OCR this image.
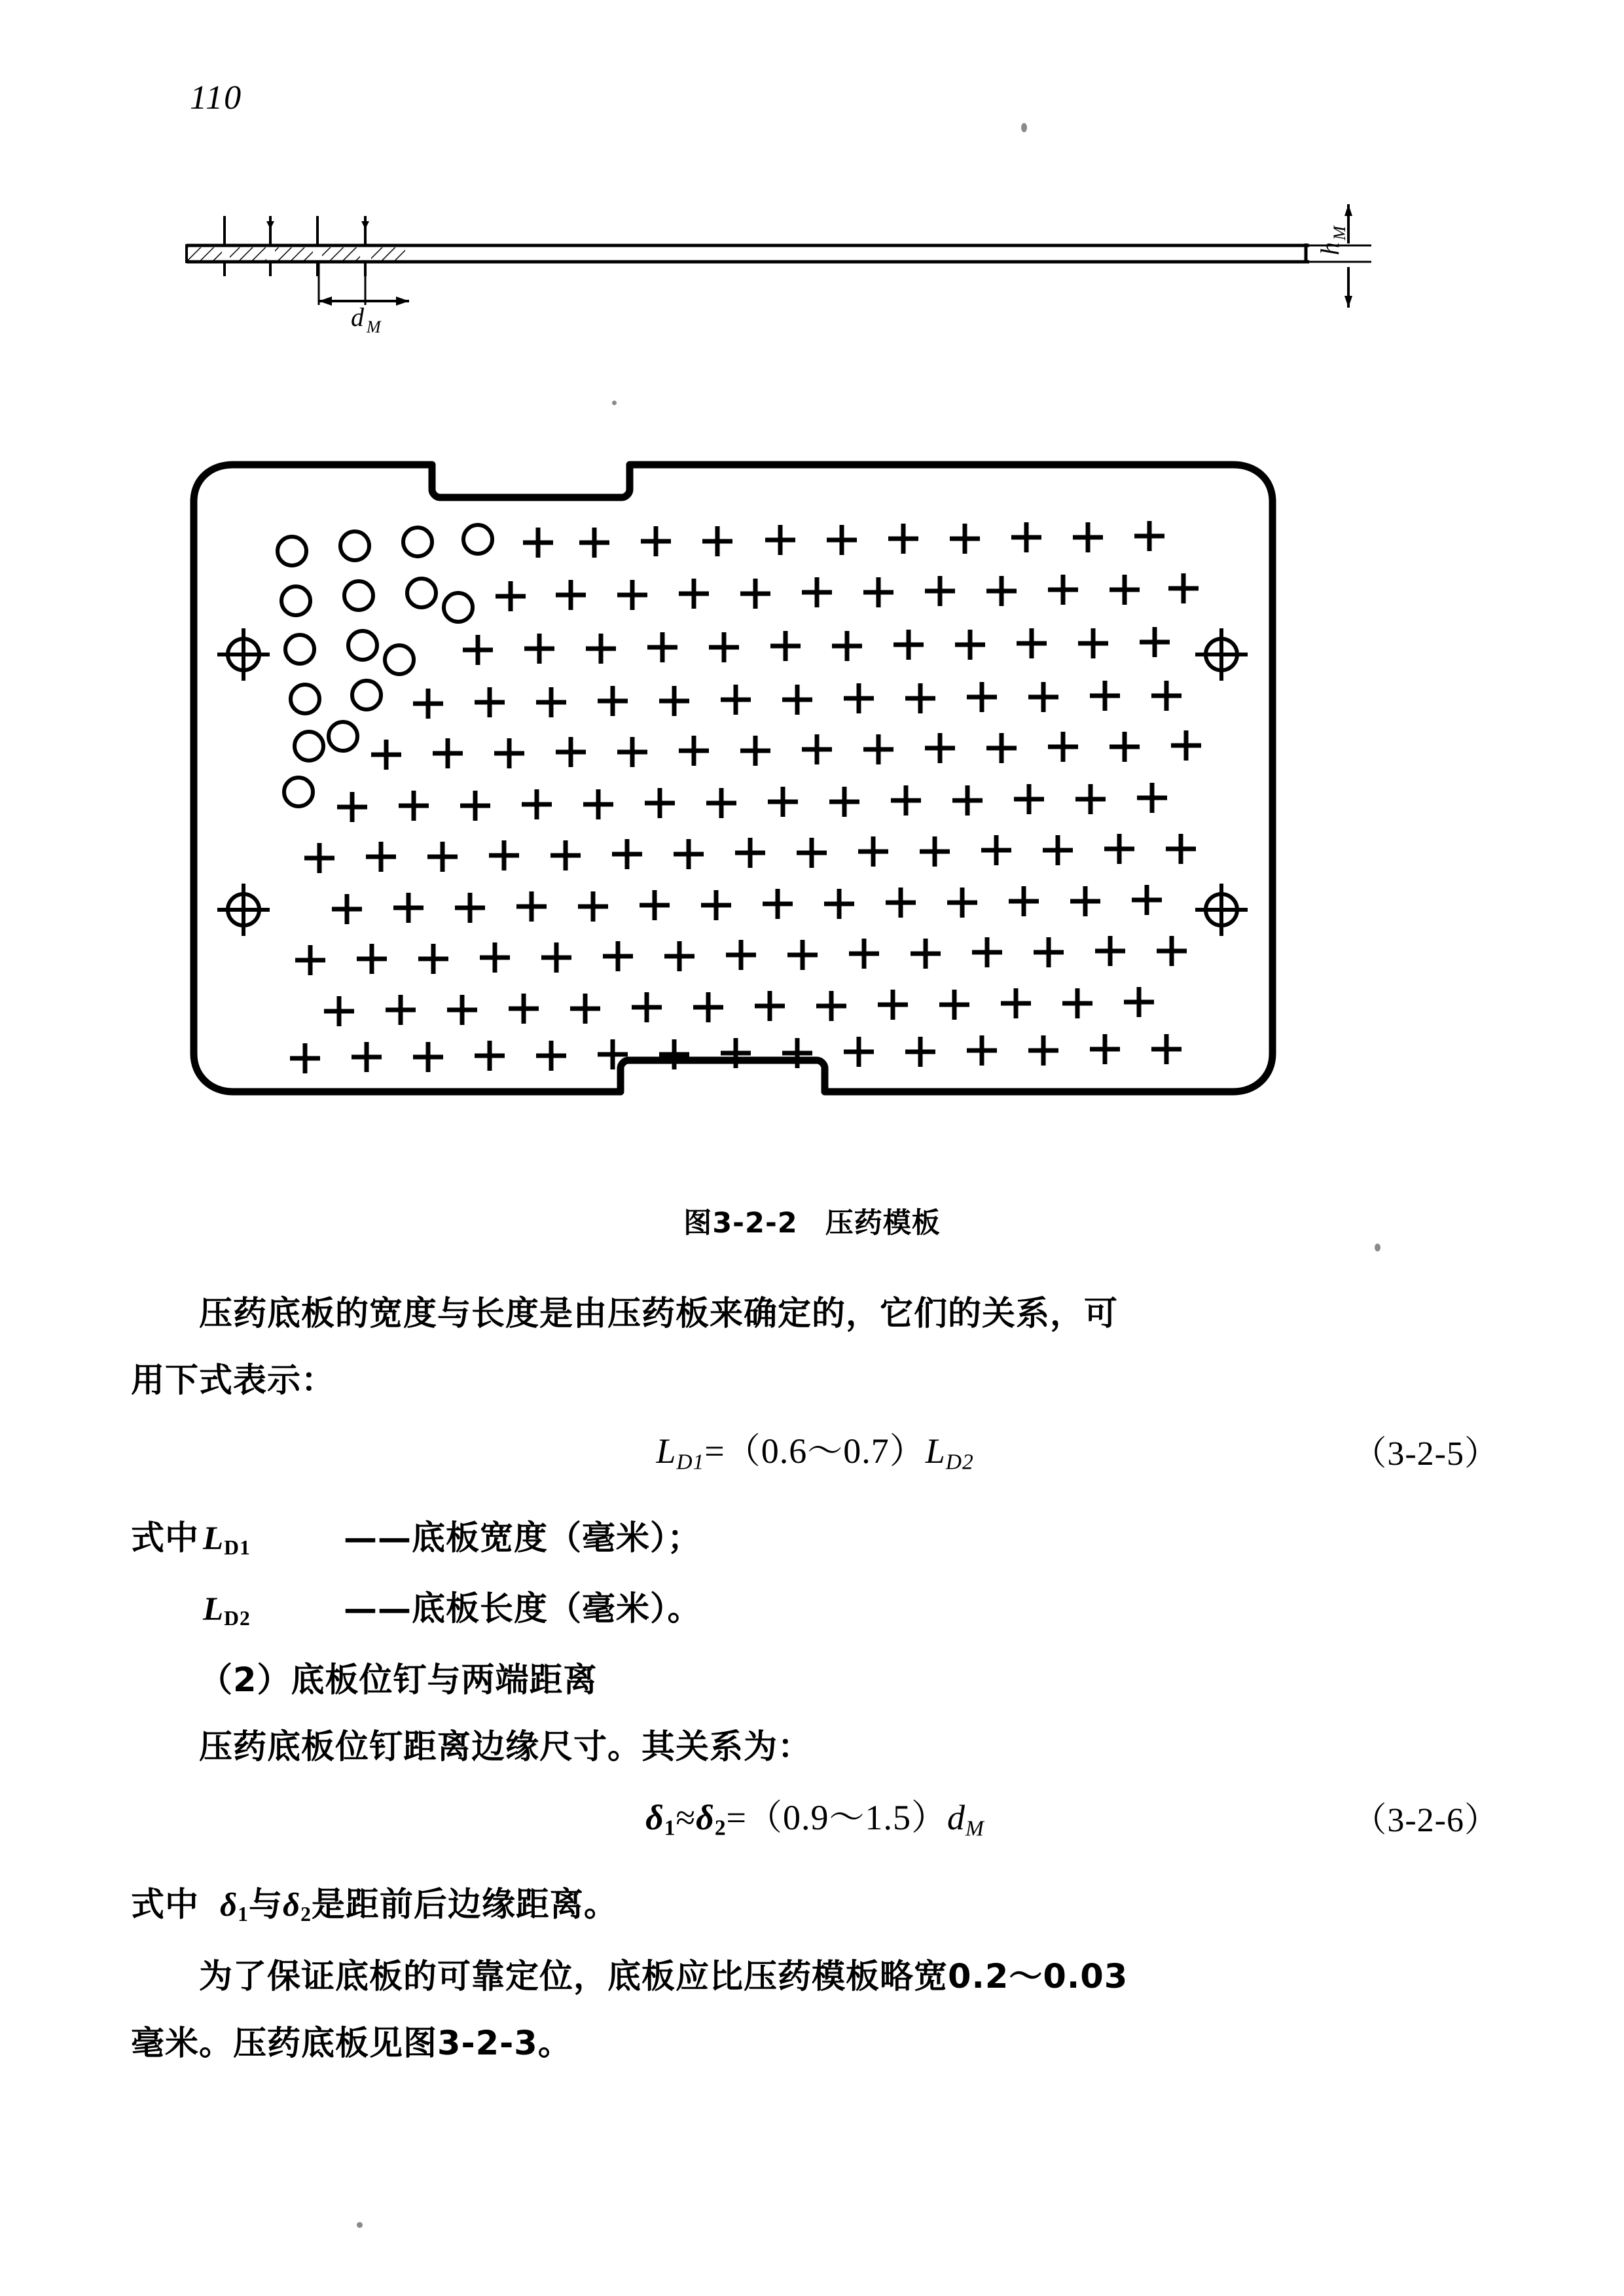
110
d M
h
M
图3-2-2 压药模板

压药底板的宽度与长度是由压药板来确定的，它们的关系，可

用下式表示：

$L_{D1}=(0.6\sim 0.7)L_{D2}$	（3-2-5）
式中 $L_{D1}$	——底板宽度（毫米）；
$L_{D2}$	——底板长度（毫米）。

（2）底板位钉与两端距离

压药底板位钉距离边缘尺寸。其关系为：

$\delta_1\approx\delta_2=(0.9\sim 1.5)d_M$	（3-2-6）
式中 $\delta_1$与$\delta_2$是距前后边缘距离。

为了保证底板的可靠定位，底板应比压药模板略宽0.2～0.03

毫米。压药底板见图3-2-3。
